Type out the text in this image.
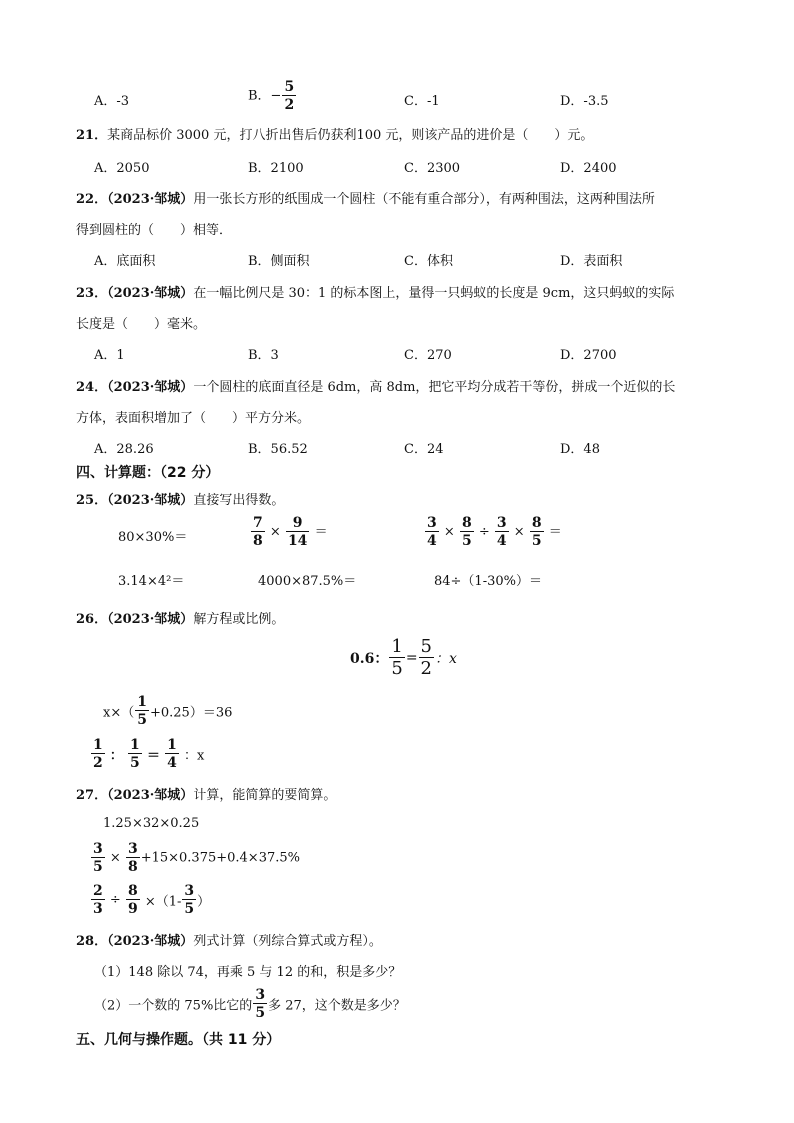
A．-3	B．− $\frac{5}{2}$	C．-1	D．-3.5
21．某商品标价 3000 元，打八折出售后仍获利100 元，则该产品的进价是（　　）元。
A．2050	B．2100	C．2300	D．2400
22．（2023·邹城）用一张长方形的纸围成一个圆柱（不能有重合部分），有两种围法，这两种围法所
得到圆柱的（　　）相等．
A．底面积	B．侧面积	C．体积	D．表面积
23．（2023·邹城）在一幅比例尺是 30：1 的标本图上，量得一只蚂蚁的长度是 9cm，这只蚂蚁的实际
长度是（　　）毫米。
A．1	B．3	C．270	D．2700
24．（2023·邹城）一个圆柱的底面直径是 6dm，高 8dm，把它平均分成若干等份，拼成一个近似的长
方体，表面积增加了（　　）平方分米。
A．28.26	B．56.52	C．24	D．48
四、计算题：（22 分）
25．（2023·邹城）直接写出得数。
80×30%＝	$\frac{7}{8} \times \frac{9}{14}$ ＝	$\frac{3}{4} \times \frac{8}{5} \div \frac{3}{4} \times \frac{8}{5}$ ＝
3.14×4²＝	4000×87.5%＝	84÷（1-30%）＝
26．（2023·邹城）解方程或比例。
0.6： $\frac{1}{5} = \frac{5}{2}$ ：x
$x\times( \frac{1}{5} +0.25)=36$
$\frac{1}{2}$ ： $\frac{1}{5} = \frac{1}{4}$ ：x
27．（2023·邹城）计算，能简算的要简算。
1.25×32×0.25
$\frac{3}{5} \times \frac{3}{8} +15\times 0.375+0.4\times 37.5\%$
$\frac{2}{3} \div \frac{8}{9} \times(1- \frac{3}{5}$ ）
28．（2023·邹城）列式计算（列综合算式或方程）。
（1）148 除以 74，再乘 5 与 12 的和，积是多少？
（2）一个数的 75%比它的 $\frac{3}{5}$ 多 27，这个数是多少？
五、几何与操作题。（共 11 分）
